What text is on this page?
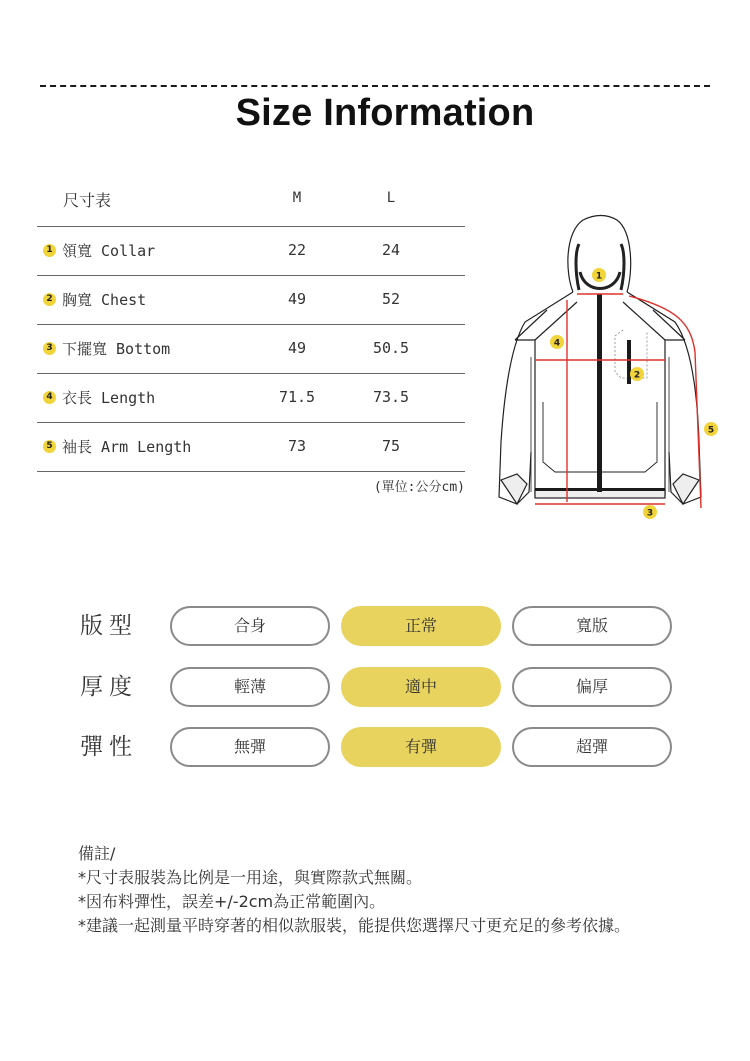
Size Information
尺寸表	M	L
1 領寬 Collar	22	24
2 胸寬 Chest	49	52
3 下擺寬 Bottom	49	50.5
4 衣長 Length	71.5	73.5
5 袖長 Arm Length	73	75
(單位:公分cm)
1
2
3
4
5
版型	合身	正常	寬版
厚度	輕薄	適中	偏厚
彈性	無彈	有彈	超彈
備註/
*尺寸表服裝為比例是一用途，與實際款式無關。
*因布料彈性，誤差+/-2cm為正常範圍內。
*建議一起測量平時穿著的相似款服裝，能提供您選擇尺寸更充足的參考依據。
